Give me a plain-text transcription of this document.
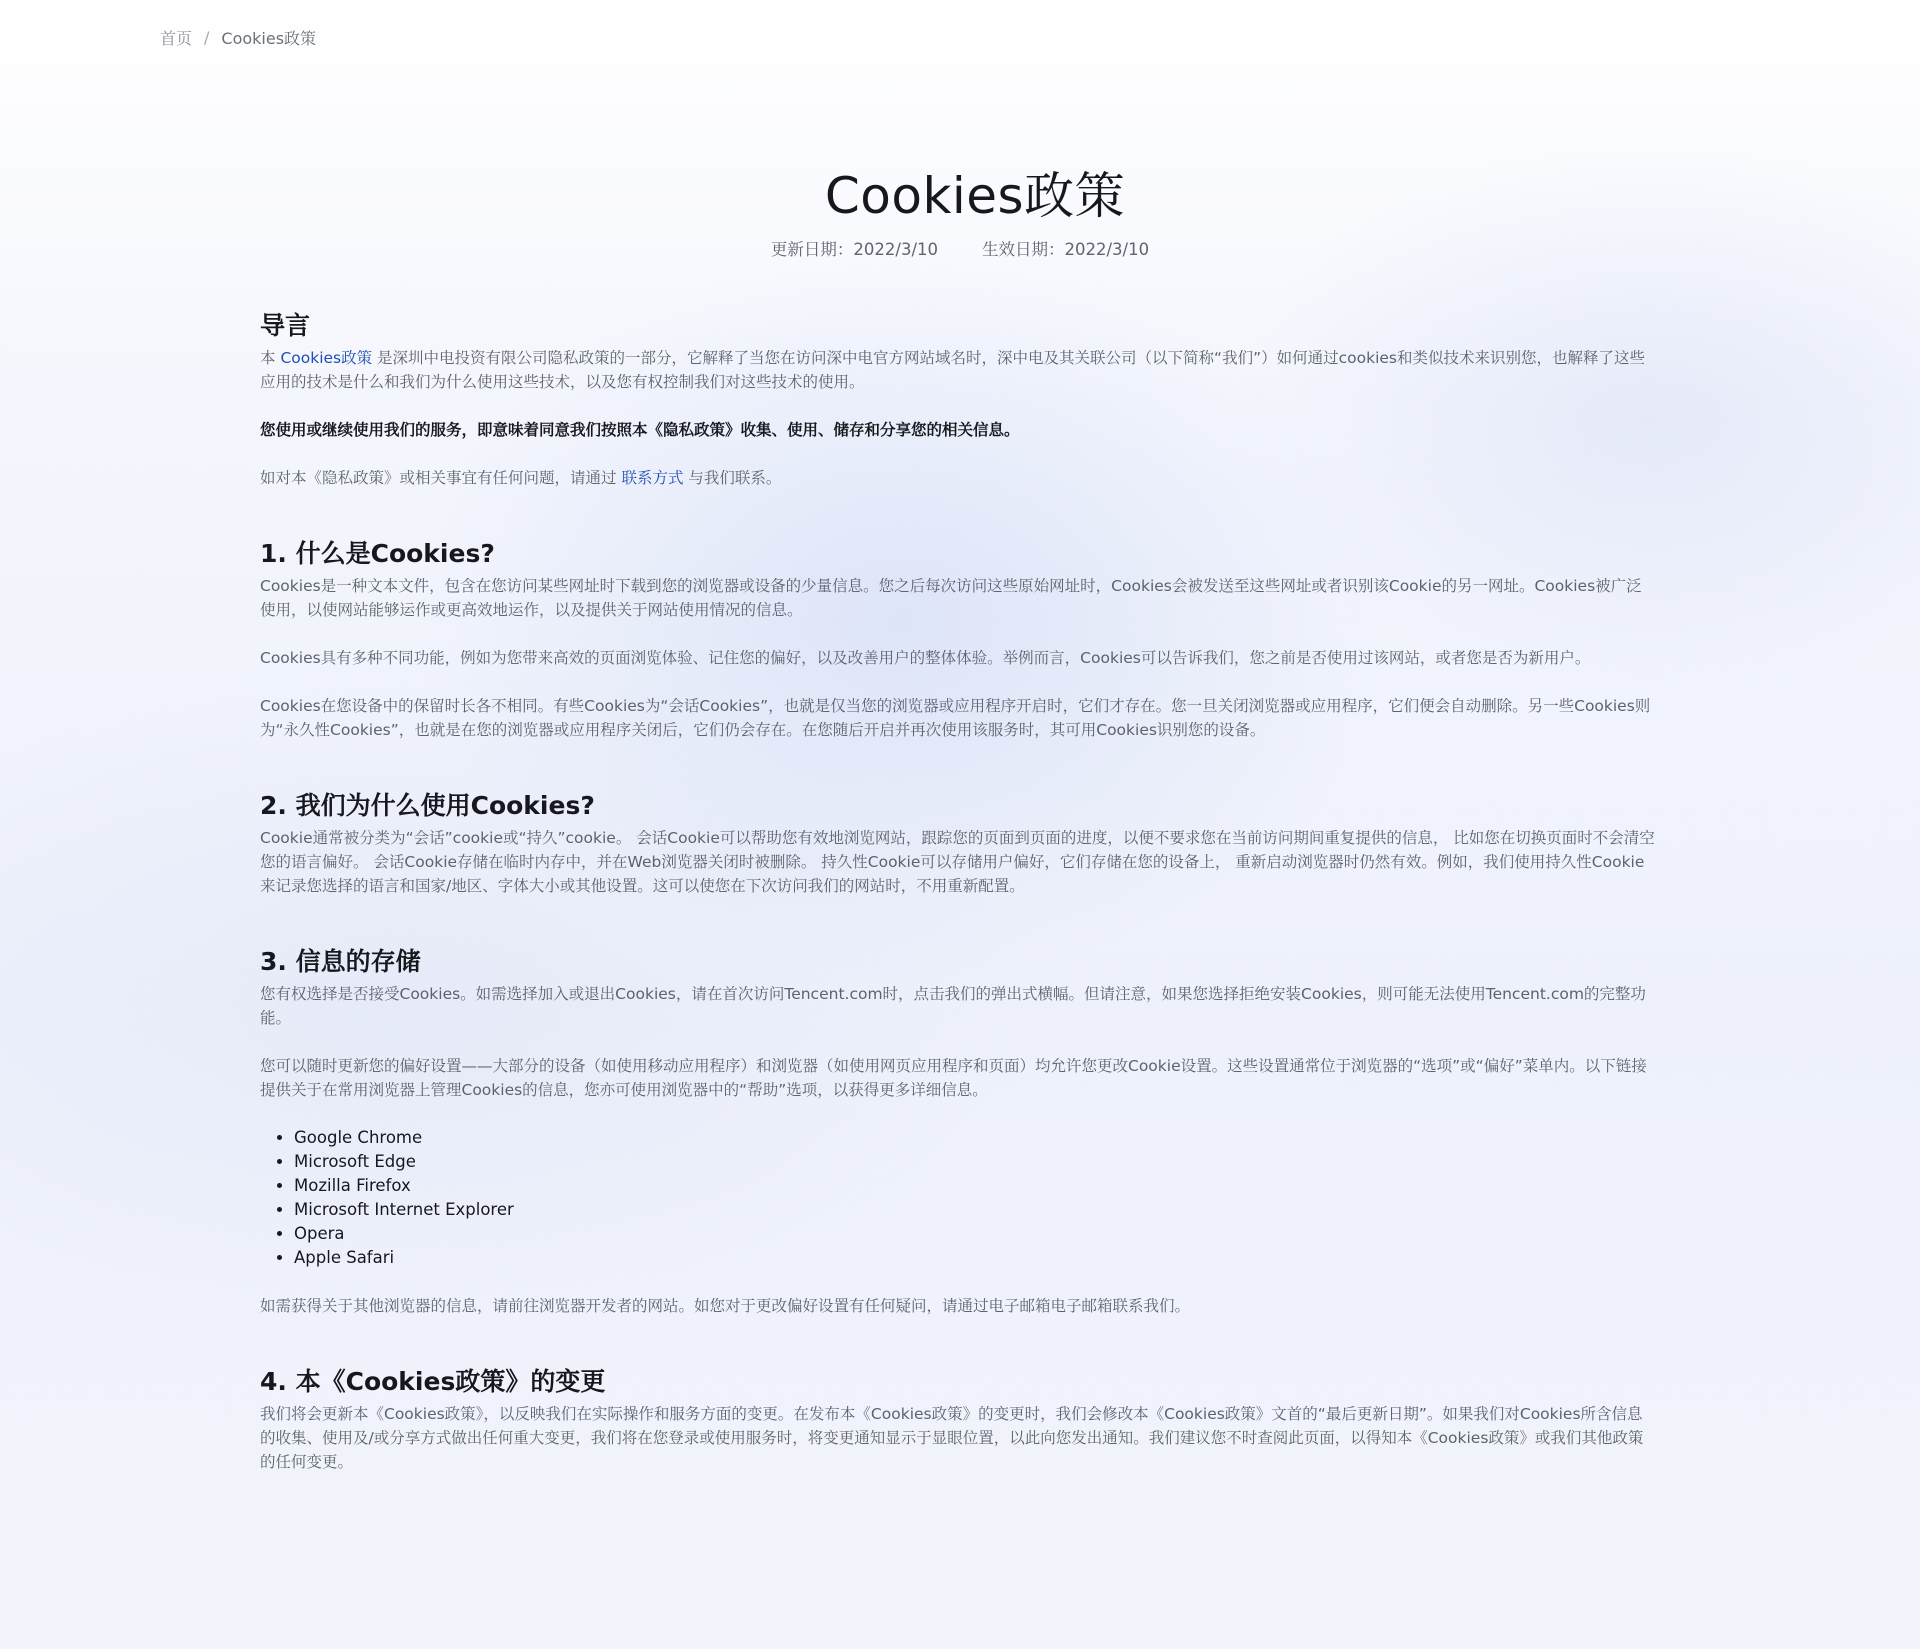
首页 / Cookies政策
Cookies政策
更新日期：2022/3/10	生效日期：2022/3/10
导言

本 Cookies政策 是深圳中电投资有限公司隐私政策的一部分，它解释了当您在访问深中电官方网站域名时，深中电及其关联公司（以下简称“我们”）如何通过cookies和类似技术来识别您，也解释了这些应用的技术是什么和我们为什么使用这些技术，以及您有权控制我们对这些技术的使用。

您使用或继续使用我们的服务，即意味着同意我们按照本《隐私政策》收集、使用、储存和分享您的相关信息。

如对本《隐私政策》或相关事宜有任何问题，请通过 联系方式 与我们联系。

1. 什么是Cookies?

Cookies是一种文本文件，包含在您访问某些网址时下载到您的浏览器或设备的少量信息。您之后每次访问这些原始网址时，Cookies会被发送至这些网址或者识别该Cookie的另一网址。Cookies被广泛使用，以使网站能够运作或更高效地运作，以及提供关于网站使用情况的信息。

Cookies具有多种不同功能，例如为您带来高效的页面浏览体验、记住您的偏好，以及改善用户的整体体验。举例而言，Cookies可以告诉我们，您之前是否使用过该网站，或者您是否为新用户。

Cookies在您设备中的保留时长各不相同。有些Cookies为“会话Cookies”，也就是仅当您的浏览器或应用程序开启时，它们才存在。您一旦关闭浏览器或应用程序，它们便会自动删除。另一些Cookies则为“永久性Cookies”，也就是在您的浏览器或应用程序关闭后，它们仍会存在。在您随后开启并再次使用该服务时，其可用Cookies识别您的设备。

2. 我们为什么使用Cookies?

Cookie通常被分类为“会话”cookie或“持久”cookie。 会话Cookie可以帮助您有效地浏览网站，跟踪您的页面到页面的进度，以便不要求您在当前访问期间重复提供的信息， 比如您在切换页面时不会清空您的语言偏好。 会话Cookie存储在临时内存中，并在Web浏览器关闭时被删除。 持久性Cookie可以存储用户偏好，它们存储在您的设备上， 重新启动浏览器时仍然有效。例如，我们使用持久性Cookie来记录您选择的语言和国家/地区、字体大小或其他设置。这可以使您在下次访问我们的网站时，不用重新配置。

3. 信息的存储

您有权选择是否接受Cookies。如需选择加入或退出Cookies，请在首次访问Tencent.com时，点击我们的弹出式横幅。但请注意，如果您选择拒绝安装Cookies，则可能无法使用Tencent.com的完整功能。

您可以随时更新您的偏好设置——大部分的设备（如使用移动应用程序）和浏览器（如使用网页应用程序和页面）均允许您更改Cookie设置。这些设置通常位于浏览器的“选项”或“偏好”菜单内。以下链接提供关于在常用浏览器上管理Cookies的信息，您亦可使用浏览器中的“帮助”选项，以获得更多详细信息。

• Google Chrome
• Microsoft Edge
• Mozilla Firefox
• Microsoft Internet Explorer
• Opera
• Apple Safari

如需获得关于其他浏览器的信息，请前往浏览器开发者的网站。如您对于更改偏好设置有任何疑问，请通过电子邮箱电子邮箱联系我们。

4. 本《Cookies政策》的变更

我们将会更新本《Cookies政策》，以反映我们在实际操作和服务方面的变更。在发布本《Cookies政策》的变更时，我们会修改本《Cookies政策》文首的“最后更新日期”。如果我们对Cookies所含信息的收集、使用及/或分享方式做出任何重大变更，我们将在您登录或使用服务时，将变更通知显示于显眼位置，以此向您发出通知。我们建议您不时查阅此页面，以得知本《Cookies政策》或我们其他政策的任何变更。
